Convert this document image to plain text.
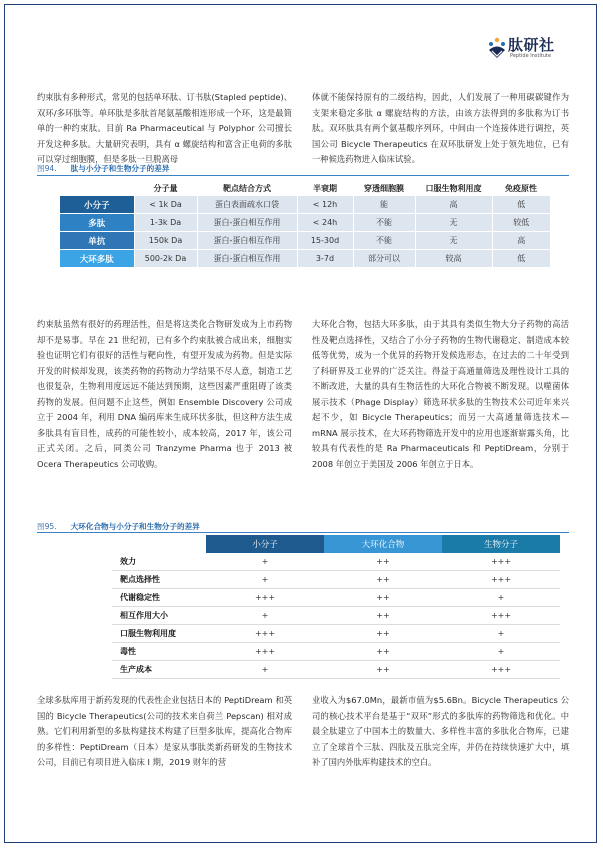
肽研社
Peptide Institute
约束肽有多种形式，常见的包括单环肽、订书肽(Stapled peptide)、双环/多环肽等。单环肽是多肽首尾氨基酸相连形成一个环，这是最简单的一种约束肽。目前 Ra Pharmaceutical 与 Polyphor 公司擅长开发这种多肽。大量研究表明，具有 α 螺旋结构和富含正电荷的多肽可以穿过细胞膜，但是多肽一旦脱离母
体就不能保持原有的二级结构，因此，人们发展了一种用碳碳键作为支架来稳定多肽 α 螺旋结构的方法，由该方法得到的多肽称为订书肽。双环肽具有两个氨基酸序列环，中间由一个连接体进行调控，英国公司 Bicycle Therapeutics 在双环肽研发上处于领先地位，已有一种候选药物进入临床试验。
图94. 肽与小分子和生物分子的差异
	分子量	靶点结合方式	半衰期	穿透细胞膜	口服生物利用度	免疫原性
小分子	< 1k Da	蛋白表面疏水口袋	< 12h	能	高	低
多肽	1-3k Da	蛋白-蛋白相互作用	< 24h	不能	无	较低
单抗	150k Da	蛋白-蛋白相互作用	15-30d	不能	无	高
大环多肽	500-2k Da	蛋白-蛋白相互作用	3-7d	部分可以	较高	低
约束肽虽然有很好的药理活性，但是将这类化合物研发成为上市药物却不是易事。早在 21 世纪初，已有多个约束肽被合成出来，细胞实验也证明它们有很好的活性与靶向性，有望开发成为药物。但是实际开发的时候却发现，该类药物的药物动力学结果不尽人意，制造工艺也很复杂，生物利用度远远不能达到预期，这些因素严重阻碍了该类药物的发展。但问题不止这些，例如 Ensemble Discovery 公司成立于 2004 年，利用 DNA 编码库来生成环状多肽，但这种方法生成多肽具有盲目性，成药的可能性较小，成本较高，2017 年，该公司正式关闭。之后，同类公司 Tranzyme Pharma 也于 2013 被 Ocera Therapeutics 公司收购。
大环化合物，包括大环多肽，由于其具有类似生物大分子药物的高活性及靶点选择性，又结合了小分子药物的生物代谢稳定、制造成本较低等优势，成为一个优异的药物开发候选形态，在过去的二十年受到了科研界及工业界的广泛关注。得益于高通量筛选及理性设计工具的不断改进，大量的具有生物活性的大环化合物被不断发现。以噬菌体展示技术（Phage Display）筛选环状多肽的生物技术公司近年来兴起不少，如 Bicycle Therapeutics；而另一大高通量筛选技术—mRNA 展示技术，在大环药物筛选开发中的应用也逐渐崭露头角，比较具有代表性的是 Ra Pharmaceuticals 和 PeptiDream，分别于 2008 年创立于美国及 2006 年创立于日本。
图95. 大环化合物与小分子和生物分子的差异
	小分子	大环化合物	生物分子
效力	+	++	+++
靶点选择性	+	++	+++
代谢稳定性	+++	++	+
相互作用大小	+	++	+++
口服生物利用度	+++	++	+
毒性	+++	++	+
生产成本	+	++	+++
全球多肽库用于新药发现的代表性企业包括日本的 PeptiDream 和英国的 Bicycle Therapeutics(公司的技术来自荷兰 Pepscan) 相对成熟。它们利用新型的多肽构建技术构建了巨型多肽库，提高化合物库的多样性：PeptiDream（日本）是家从事肽类新药研发的生物技术公司，目前已有项目进入临床 I 期，2019 财年的营
业收入为$67.0Mn，最新市值为$5.6Bn。Bicycle Therapeutics 公司的核心技术平台是基于“双环”形式的多肽库的药物筛选和优化。中晨全肽建立了中国本土的数量大、多样性丰富的多肽化合物库，已建立了全球首个三肽、四肽及五肽完全库，并仍在持续快速扩大中，填补了国内外肽库构建技术的空白。
